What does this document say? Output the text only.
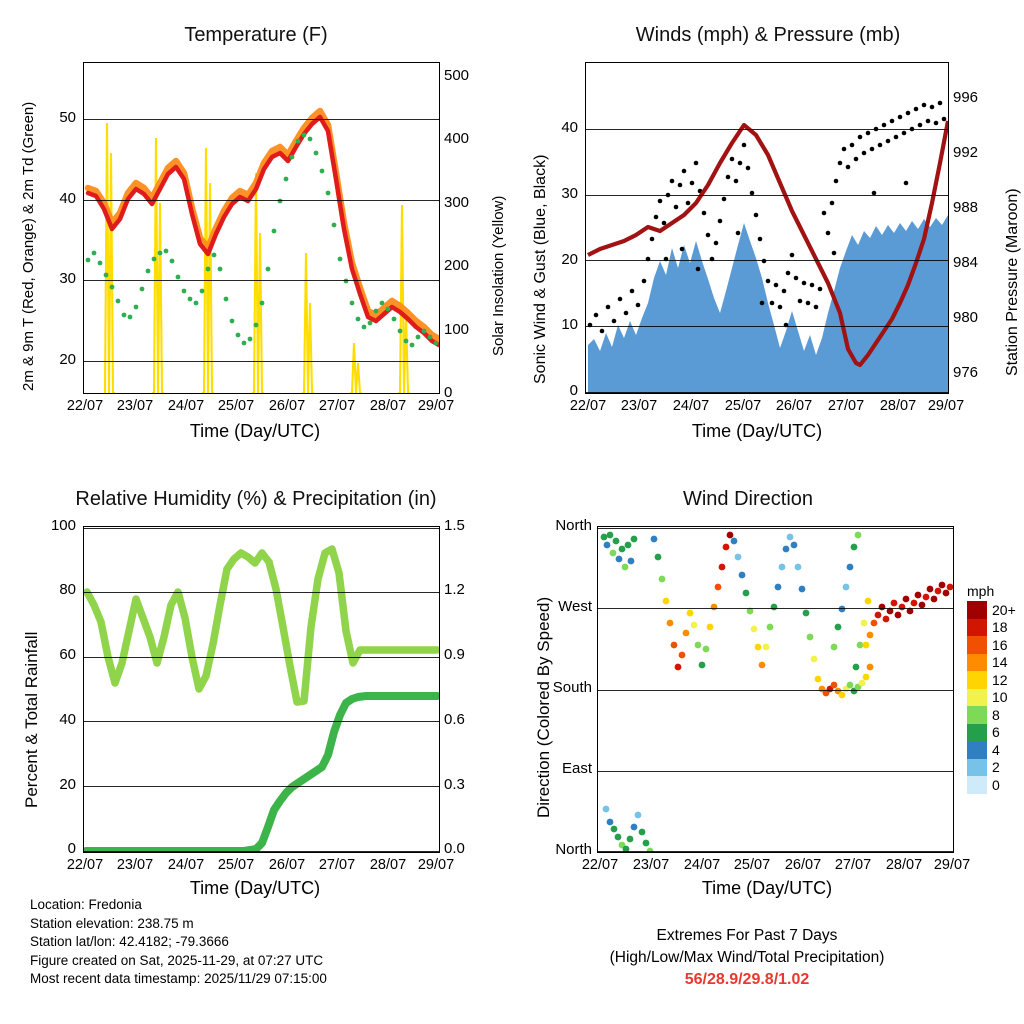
Temperature (F)
2m & 9m T (Red, Orange) & 2m Td (Green)	Solar Insolation (Yellow)
20
30
40
50
0
100
200
300
400
500
22/07 23/07 24/07 25/07 26/07 27/07 28/07 29/07
Time (Day/UTC)
Winds (mph) & Pressure (mb)
Sonic Wind & Gust (Blue, Black)	Station Pressure (Maroon)
0
10
20
30
40
976
980
984
988
992
996
22/07 23/07 24/07 25/07 26/07 27/07 28/07 29/07
Time (Day/UTC)
Relative Humidity (%) & Precipitation (in)
Percent & Total Rainfall
0
20
40
60
80
100
0.0
0.3
0.6
0.9
1.2
1.5
22/07 23/07 24/07 25/07 26/07 27/07 28/07 29/07
Time (Day/UTC)
Wind Direction
Direction (Colored By Speed)
North
West
South
East
North
22/07 23/07 24/07 25/07 26/07 27/07 28/07 29/07
Time (Day/UTC)
mph
20+
18
16
14
12
10
8
6
4
2
0
Location: Fredonia
Station elevation: 238.75 m
Station lat/lon: 42.4182; -79.3666
Figure created on Sat, 2025-11-29, at 07:27 UTC
Most recent data timestamp: 2025/11/29 07:15:00
Extremes For Past 7 Days
(High/Low/Max Wind/Total Precipitation)
56/28.9/29.8/1.02
